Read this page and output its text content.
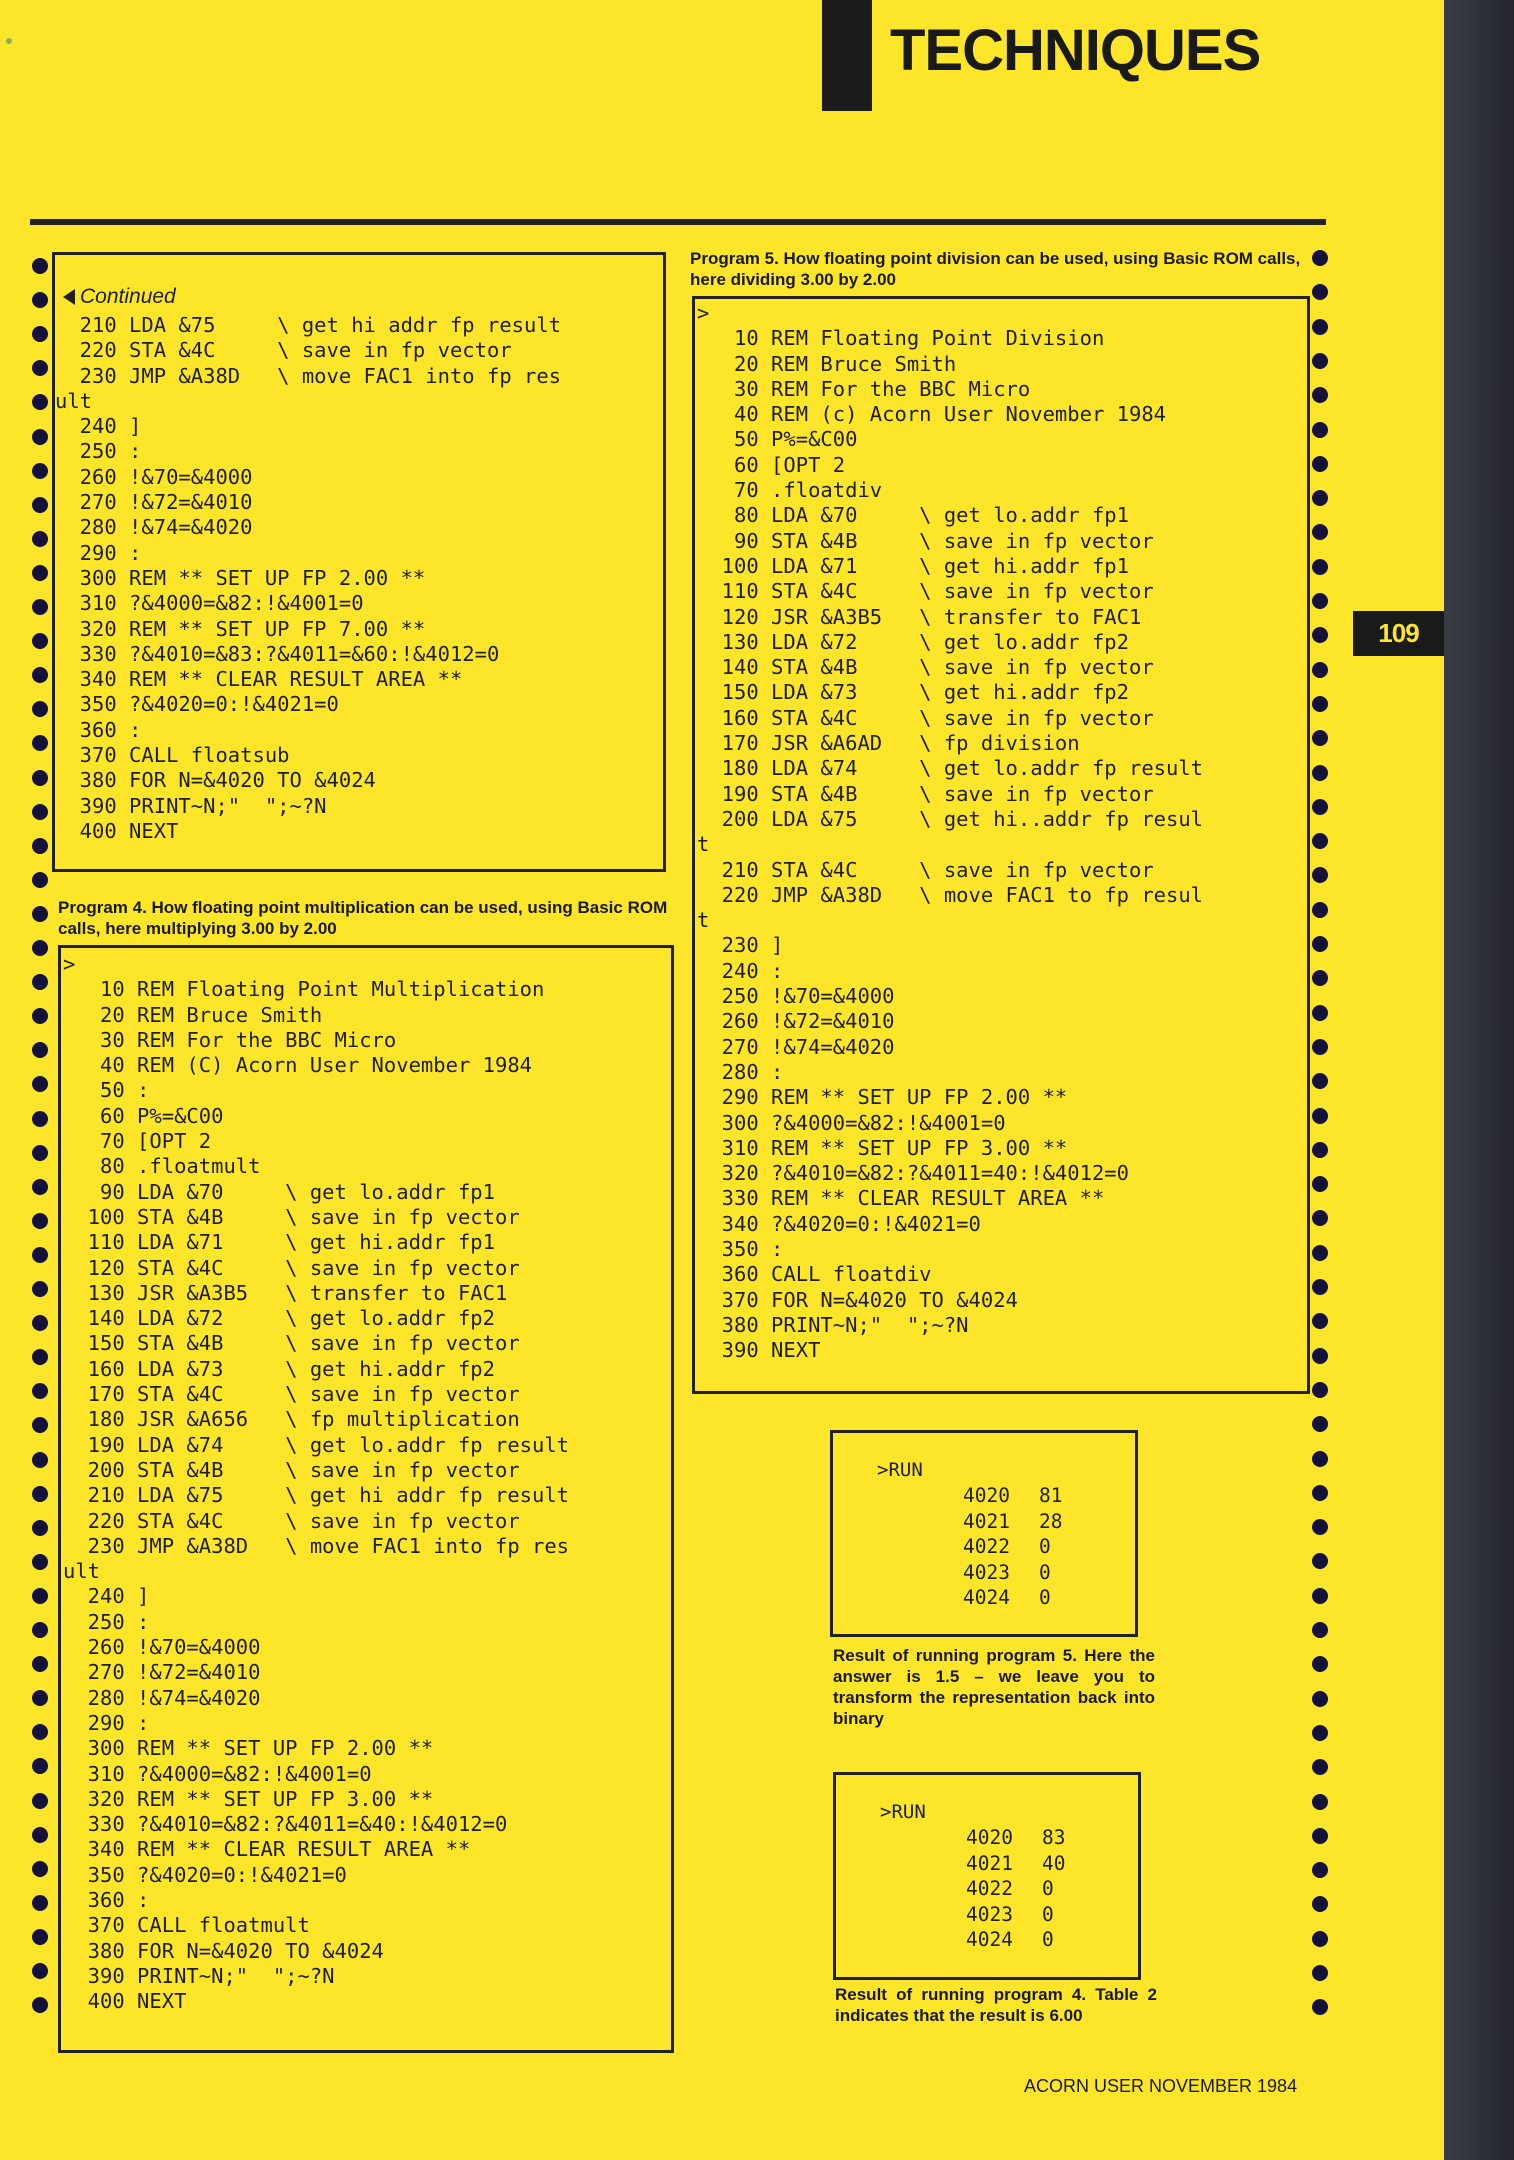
TECHNIQUES
109
Continued
210 LDA &75     \ get hi addr fp result
220 STA &4C     \ save in fp vector
230 JMP &A38D   \ move FAC1 into fp res
ult
240 ]
250 :
260 !&70=&4000
270 !&72=&4010
280 !&74=&4020
290 :
300 REM ** SET UP FP 2.00 **
310 ?&4000=&82:!&4001=0
320 REM ** SET UP FP 7.00 **
330 ?&4010=&83:?&4011=&60:!&4012=0
340 REM ** CLEAR RESULT AREA **
350 ?&4020=0:!&4021=0
360 :
370 CALL floatsub
380 FOR N=&4020 TO &4024
390 PRINT~N;"  ";~?N
400 NEXT

Program 4. How floating point multiplication can be used, using Basic ROM calls, here multiplying 3.00 by 2.00

>
10 REM Floating Point Multiplication
20 REM Bruce Smith
30 REM For the BBC Micro
40 REM (C) Acorn User November 1984
50 :
60 P%=&C00
70 [OPT 2
80 .floatmult
90 LDA &70     \ get lo.addr fp1
100 STA &4B     \ save in fp vector
110 LDA &71     \ get hi.addr fp1
120 STA &4C     \ save in fp vector
130 JSR &A3B5   \ transfer to FAC1
140 LDA &72     \ get lo.addr fp2
150 STA &4B     \ save in fp vector
160 LDA &73     \ get hi.addr fp2
170 STA &4C     \ save in fp vector
180 JSR &A656   \ fp multiplication
190 LDA &74     \ get lo.addr fp result
200 STA &4B     \ save in fp vector
210 LDA &75     \ get hi addr fp result
220 STA &4C     \ save in fp vector
230 JMP &A38D   \ move FAC1 into fp res
ult
240 ]
250 :
260 !&70=&4000
270 !&72=&4010
280 !&74=&4020
290 :
300 REM ** SET UP FP 2.00 **
310 ?&4000=&82:!&4001=0
320 REM ** SET UP FP 3.00 **
330 ?&4010=&82:?&4011=&40:!&4012=0
340 REM ** CLEAR RESULT AREA **
350 ?&4020=0:!&4021=0
360 :
370 CALL floatmult
380 FOR N=&4020 TO &4024
390 PRINT~N;"  ";~?N
400 NEXT

Program 5. How floating point division can be used, using Basic ROM calls, here dividing 3.00 by 2.00

>
10 REM Floating Point Division
20 REM Bruce Smith
30 REM For the BBC Micro
40 REM (c) Acorn User November 1984
50 P%=&C00
60 [OPT 2
70 .floatdiv
80 LDA &70     \ get lo.addr fp1
90 STA &4B     \ save in fp vector
100 LDA &71     \ get hi.addr fp1
110 STA &4C     \ save in fp vector
120 JSR &A3B5   \ transfer to FAC1
130 LDA &72     \ get lo.addr fp2
140 STA &4B     \ save in fp vector
150 LDA &73     \ get hi.addr fp2
160 STA &4C     \ save in fp vector
170 JSR &A6AD   \ fp division
180 LDA &74     \ get lo.addr fp result
190 STA &4B     \ save in fp vector
200 LDA &75     \ get hi..addr fp resul
t
210 STA &4C     \ save in fp vector
220 JMP &A38D   \ move FAC1 to fp resul
t
230 ]
240 :
250 !&70=&4000
260 !&72=&4010
270 !&74=&4020
280 :
290 REM ** SET UP FP 2.00 **
300 ?&4000=&82:!&4001=0
310 REM ** SET UP FP 3.00 **
320 ?&4010=&82:?&4011=40:!&4012=0
330 REM ** CLEAR RESULT AREA **
340 ?&4020=0:!&4021=0
350 :
360 CALL floatdiv
370 FOR N=&4020 TO &4024
380 PRINT~N;"  ";~?N
390 NEXT

>RUN

4020	81
4021	28
4022	0
4023	0
4024	0

Result of running program 5. Here the answer is 1.5 – we leave you to transform the representation back into binary

>RUN

4020	83
4021	40
4022	0
4023	0
4024	0

Result of running program 4. Table 2 indicates that the result is 6.00

ACORN USER NOVEMBER 1984
